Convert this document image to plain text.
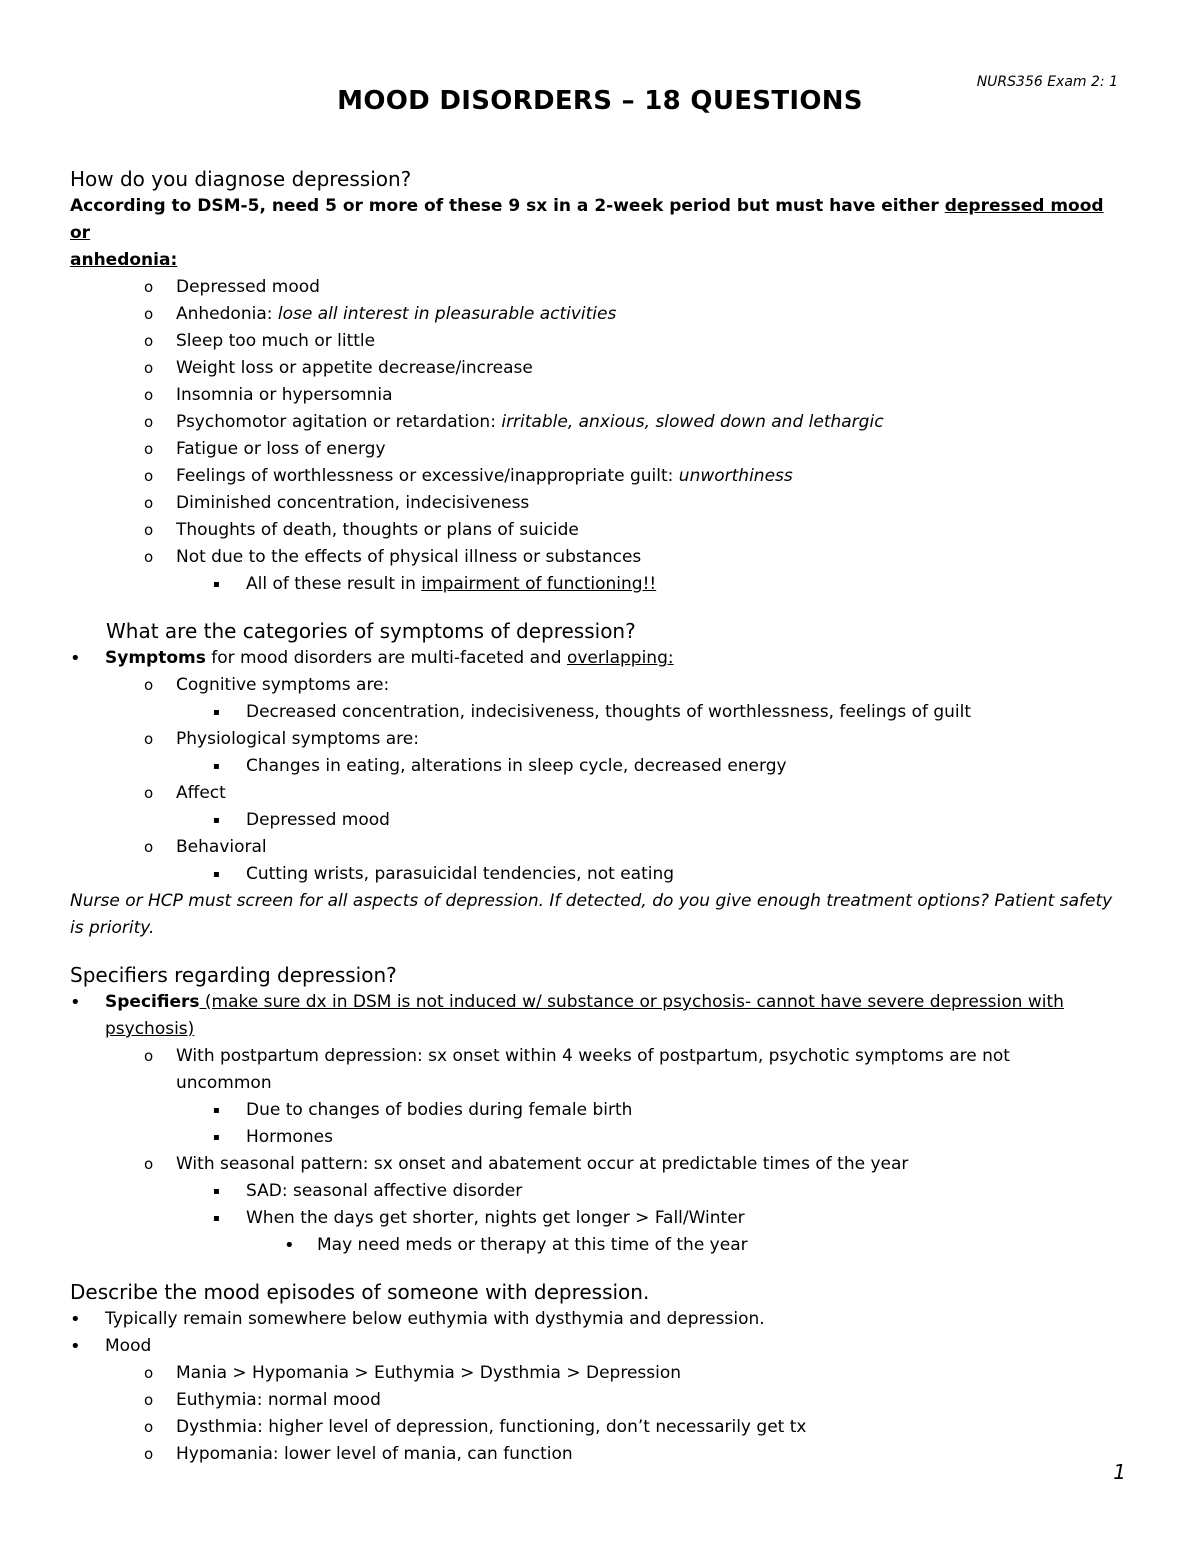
NURS356 Exam 2: 1
MOOD DISORDERS – 18 QUESTIONS

How do you diagnose depression?

According to DSM-5, need 5 or more of these 9 sx in a 2-week period but must have either depressed mood or

anhedonia:

o Depressed mood

o Anhedonia: lose all interest in pleasurable activities

o Sleep too much or little

o Weight loss or appetite decrease/increase

o Insomnia or hypersomnia

o Psychomotor agitation or retardation: irritable, anxious, slowed down and lethargic

o Fatigue or loss of energy

o Feelings of worthlessness or excessive/inappropriate guilt: unworthiness

o Diminished concentration, indecisiveness

o Thoughts of death, thoughts or plans of suicide

o Not due to the effects of physical illness or substances

▪ All of these result in impairment of functioning!!

What are the categories of symptoms of depression?

• Symptoms for mood disorders are multi-faceted and overlapping:

o Cognitive symptoms are:

▪ Decreased concentration, indecisiveness, thoughts of worthlessness, feelings of guilt

o Physiological symptoms are:

▪ Changes in eating, alterations in sleep cycle, decreased energy

o Affect

▪ Depressed mood

o Behavioral

▪ Cutting wrists, parasuicidal tendencies, not eating

Nurse or HCP must screen for all aspects of depression. If detected, do you give enough treatment options? Patient safety

is priority.

Specifiers regarding depression?

• Specifiers (make sure dx in DSM is not induced w/ substance or psychosis- cannot have severe depression with

psychosis)

o With postpartum depression: sx onset within 4 weeks of postpartum, psychotic symptoms are not

uncommon

▪ Due to changes of bodies during female birth

▪ Hormones

o With seasonal pattern: sx onset and abatement occur at predictable times of the year

▪ SAD: seasonal affective disorder

▪ When the days get shorter, nights get longer > Fall/Winter

• May need meds or therapy at this time of the year

Describe the mood episodes of someone with depression.

• Typically remain somewhere below euthymia with dysthymia and depression.

• Mood

o Mania > Hypomania > Euthymia > Dysthmia > Depression

o Euthymia: normal mood

o Dysthmia: higher level of depression, functioning, don’t necessarily get tx

o Hypomania: lower level of mania, can function

1
